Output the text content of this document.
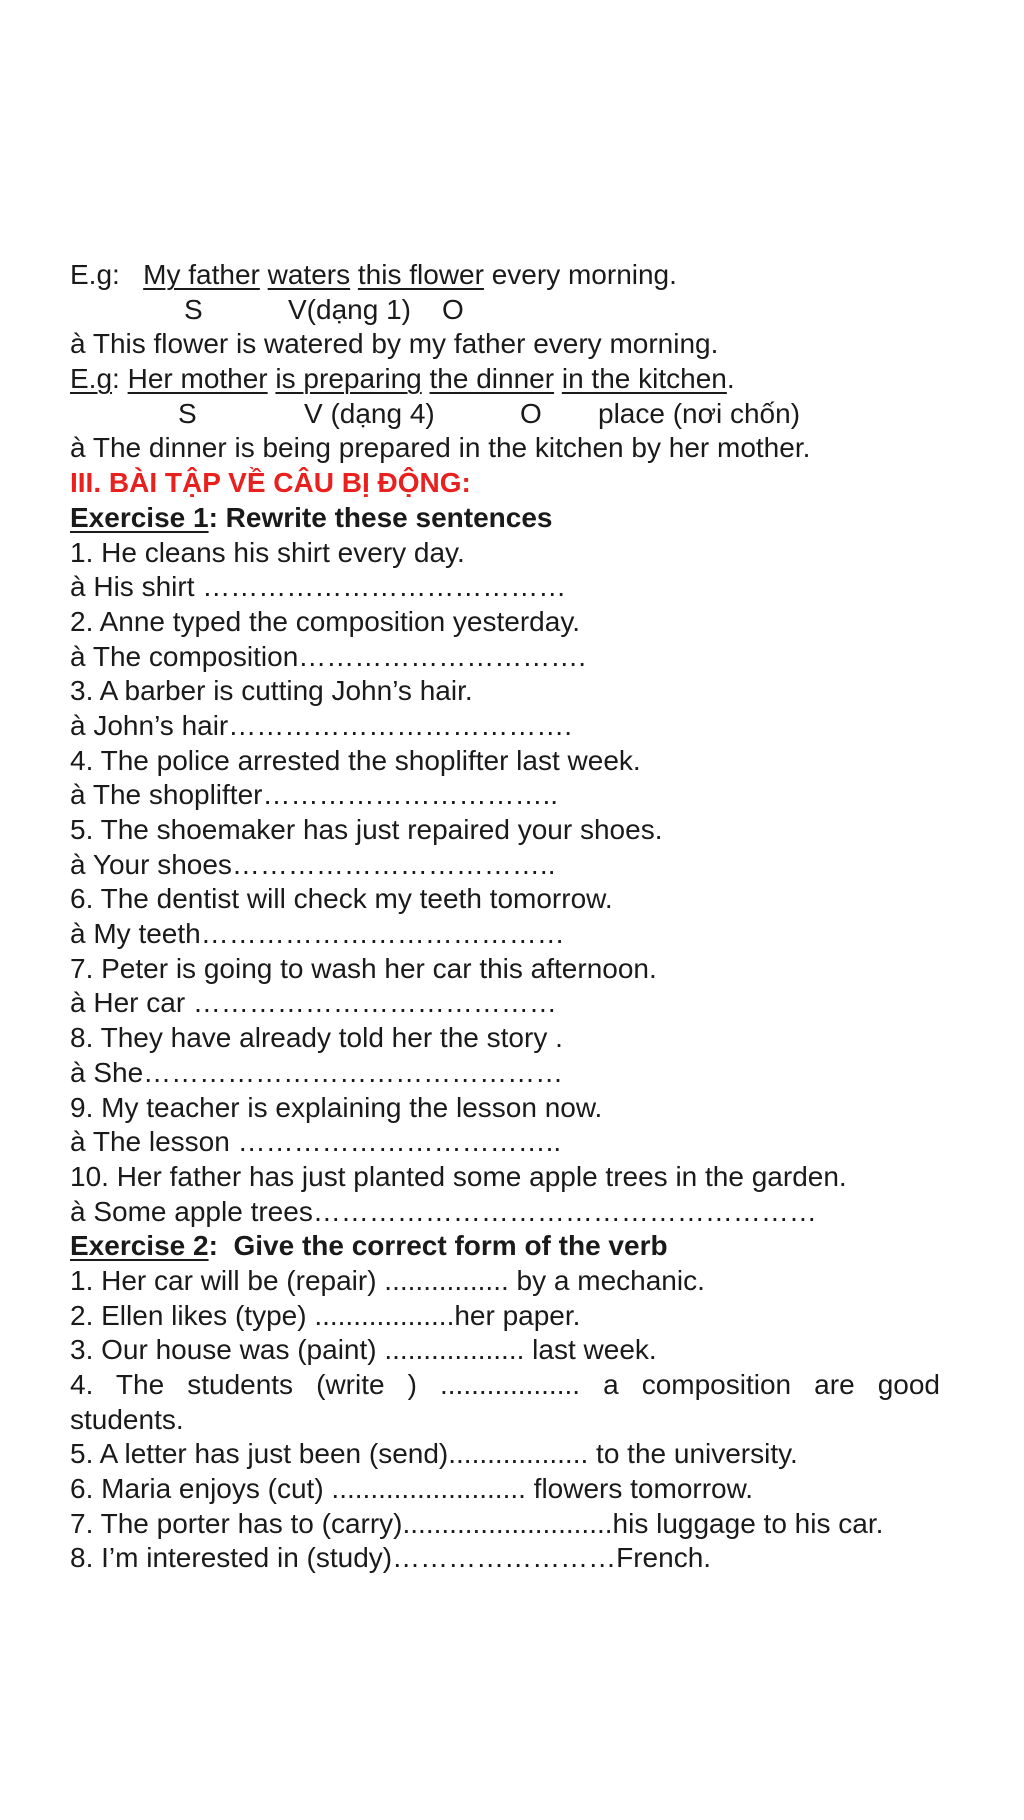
E.g:   My father waters this flower every morning.
S	V(dạng 1) O
à This flower is watered by my father every morning.
E.g: Her mother is preparing the dinner in the kitchen.
S	V (dạng 4)	O place (nơi chốn)
à The dinner is being prepared in the kitchen by her mother.
III. BÀI TẬP VỀ CÂU BỊ ĐỘNG:
Exercise 1: Rewrite these sentences
1. He cleans his shirt every day.
à His shirt …………………………………
2. Anne typed the composition yesterday.
à The composition………………………….
3. A barber is cutting John’s hair.
à John’s hair……………………………….
4. The police arrested the shoplifter last week.
à The shoplifter…………………………..
5. The shoemaker has just repaired your shoes.
à Your shoes……………………………..
6. The dentist will check my teeth tomorrow.
à My teeth…………………………………
7. Peter is going to wash her car this afternoon.
à Her car …………………………………
8. They have already told her the story .
à She………………………………………
9. My teacher is explaining the lesson now.
à The lesson ……………………………..
10. Her father has just planted some apple trees in the garden.
à Some apple trees………………………………………………
Exercise 2:  Give the correct form of the verb
1. Her car will be (repair) ................ by a mechanic.
2. Ellen likes (type) ..................her paper.
3. Our house was (paint) .................. last week.
4. The students (write ) .................. a composition are good
students.
5. A letter has just been (send).................. to the university.
6. Maria enjoys (cut) ......................... flowers tomorrow.
7. The porter has to (carry)...........................his luggage to his car.
8. I’m interested in (study)……………………French.
